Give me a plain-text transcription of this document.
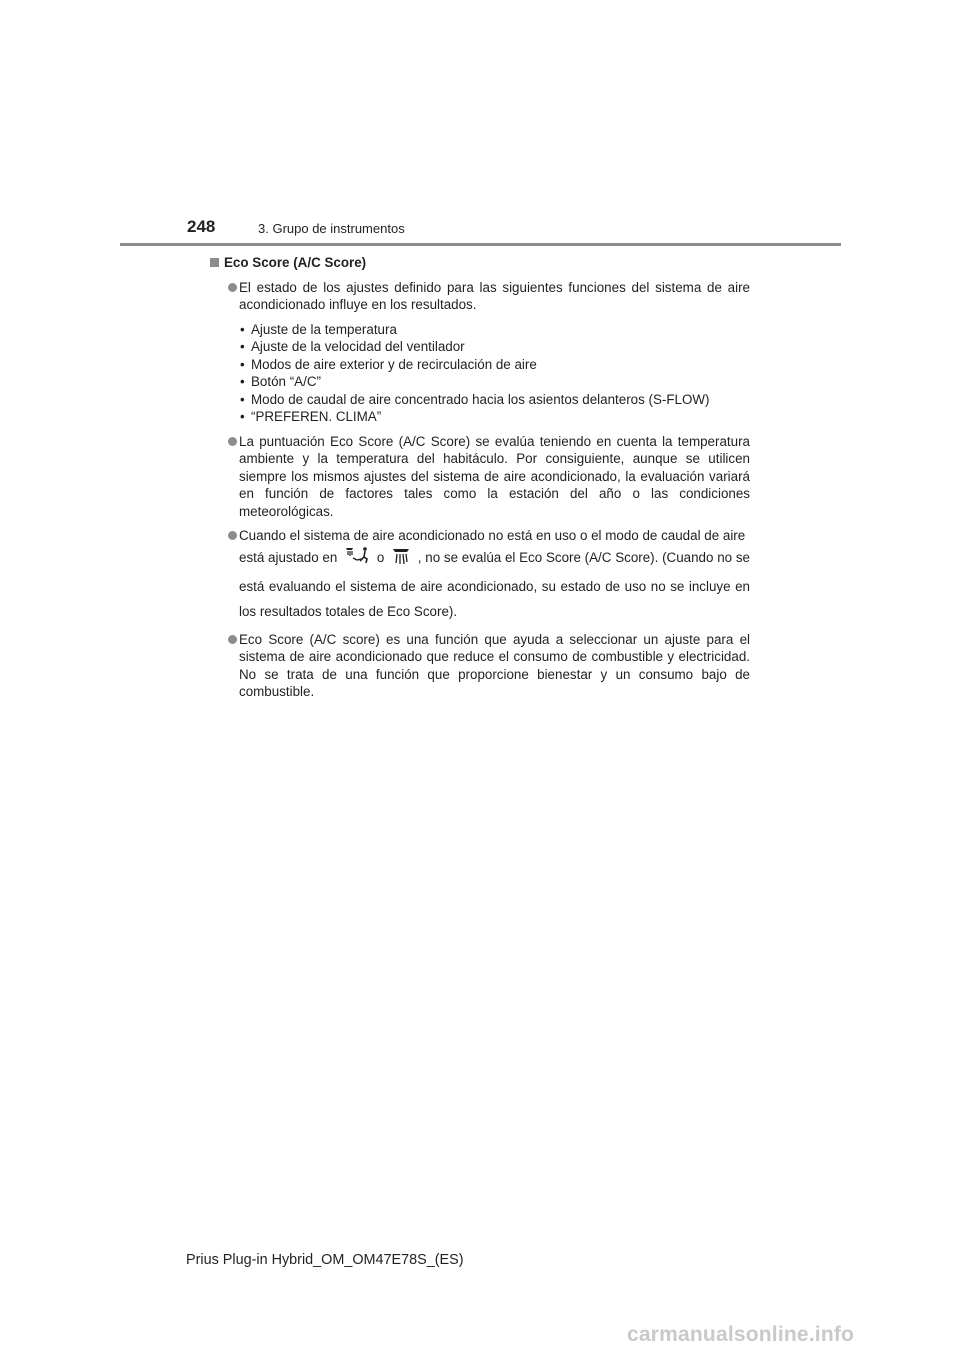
248	3. Grupo de instrumentos
Eco Score (A/C Score)
El estado de los ajustes definido para las siguientes funciones del sistema de aire acondicionado influye en los resultados.
• Ajuste de la temperatura
• Ajuste de la velocidad del ventilador
• Modos de aire exterior y de recirculación de aire
• Botón “A/C”
• Modo de caudal de aire concentrado hacia los asientos delanteros (S-FLOW)
• “PREFEREN. CLIMA”
La puntuación Eco Score (A/C Score) se evalúa teniendo en cuenta la temperatura ambiente y la temperatura del habitáculo. Por consiguiente, aunque se utilicen siempre los mismos ajustes del sistema de aire acondicionado, la evaluación variará en función de factores tales como la estación del año o las condiciones meteorológicas.
Cuando el sistema de aire acondicionado no está en uso o el modo de caudal de aire
está ajustado en	o	, no se evalúa el Eco Score (A/C Score). (Cuando no se está evaluando el sistema de aire acondicionado, su estado de uso no se incluye en los resultados totales de Eco Score).
Eco Score (A/C score) es una función que ayuda a seleccionar un ajuste para el sistema de aire acondicionado que reduce el consumo de combustible y electricidad. No se trata de una función que proporcione bienestar y un consumo bajo de combustible.
Prius Plug-in Hybrid_OM_OM47E78S_(ES)
carmanualsonline.info
